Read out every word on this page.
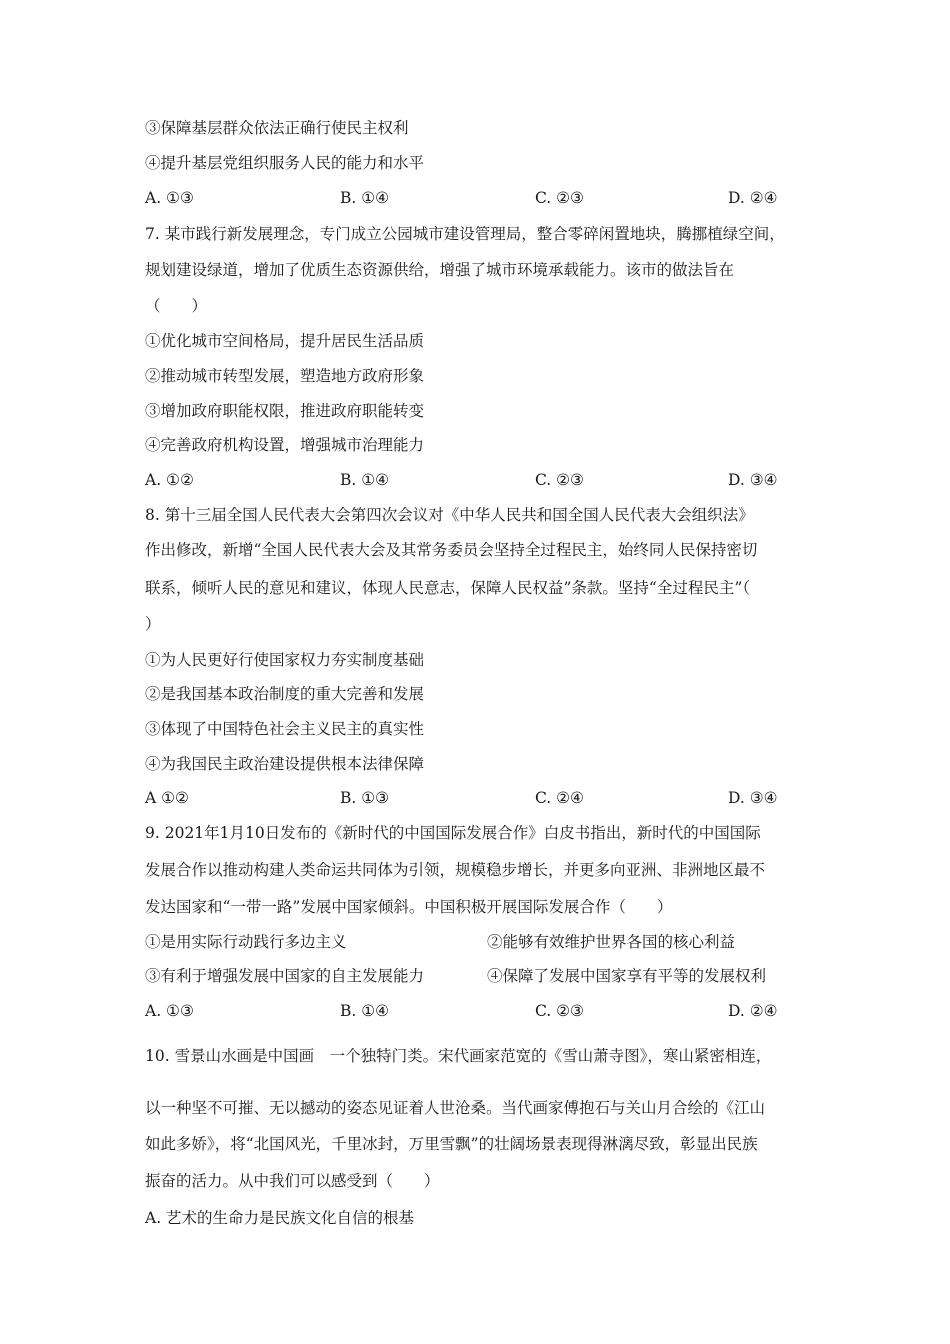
③保障基层群众依法正确行使民主权利
④提升基层党组织服务人民的能力和水平
A. ①③	B. ①④	C. ②③	D. ②④
7. 某市践行新发展理念，专门成立公园城市建设管理局，整合零碎闲置地块，腾挪植绿空间，
规划建设绿道，增加了优质生态资源供给，增强了城市环境承载能力。该市的做法旨在
（　　）
①优化城市空间格局，提升居民生活品质
②推动城市转型发展，塑造地方政府形象
③增加政府职能权限，推进政府职能转变
④完善政府机构设置，增强城市治理能力
A. ①②	B. ①④	C. ②③	D. ③④
8. 第十三届全国人民代表大会第四次会议对《中华人民共和国全国人民代表大会组织法》
作出修改，新增“全国人民代表大会及其常务委员会坚持全过程民主，始终同人民保持密切
联系，倾听人民的意见和建议，体现人民意志，保障人民权益”条款。坚持“全过程民主”（
）
①为人民更好行使国家权力夯实制度基础
②是我国基本政治制度的重大完善和发展
③体现了中国特色社会主义民主的真实性
④为我国民主政治建设提供根本法律保障
A ①②	B. ①③	C. ②④	D. ③④
9. 2021年1月10日发布的《新时代的中国国际发展合作》白皮书指出，新时代的中国国际
发展合作以推动构建人类命运共同体为引领，规模稳步增长，并更多向亚洲、非洲地区最不
发达国家和“一带一路”发展中国家倾斜。中国积极开展国际发展合作（　　）
①是用实际行动践行多边主义	②能够有效维护世界各国的核心利益
③有利于增强发展中国家的自主发展能力	④保障了发展中国家享有平等的发展权利
A. ①③	B. ①④	C. ②③	D. ②④
10. 雪景山水画是中国画　一个独特门类。宋代画家范宽的《雪山萧寺图》，寒山紧密相连，
以一种坚不可摧、无以撼动的姿态见证着人世沧桑。当代画家傅抱石与关山月合绘的《江山
如此多娇》，将“北国风光，千里冰封，万里雪飘”的壮阔场景表现得淋漓尽致，彰显出民族
振奋的活力。从中我们可以感受到（　　）
A. 艺术的生命力是民族文化自信的根基
